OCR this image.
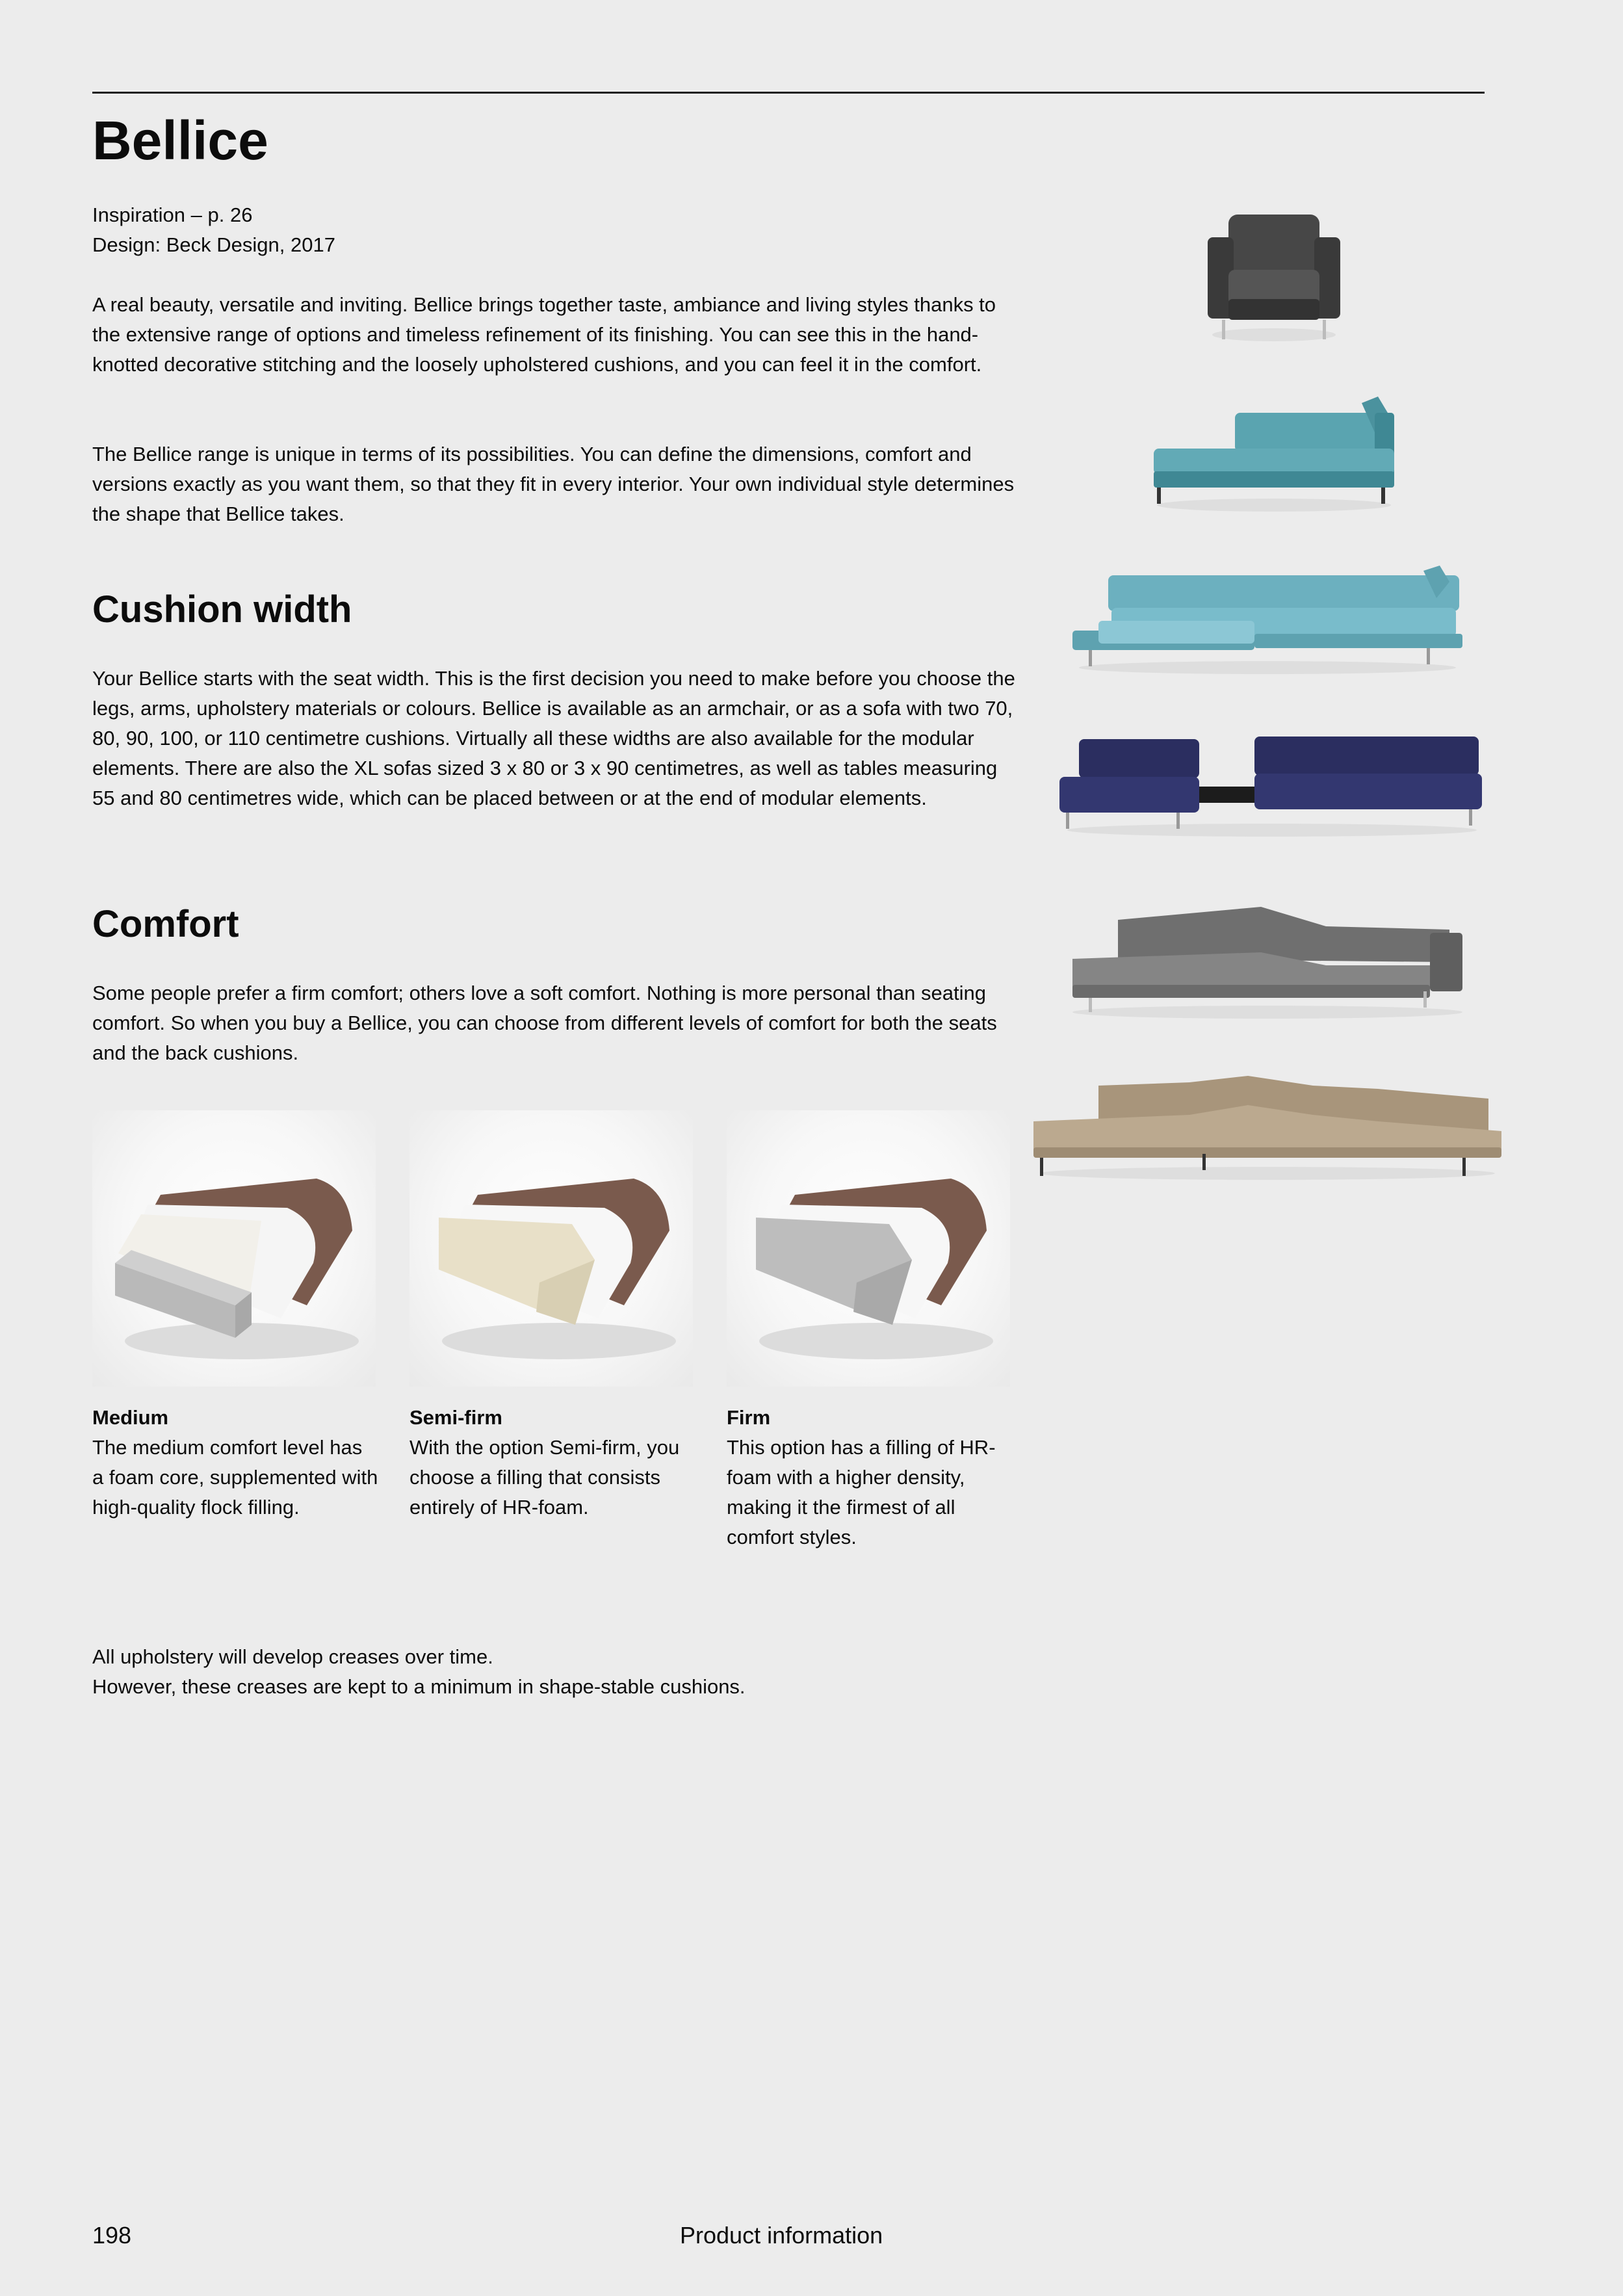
Bellice
Inspiration – p. 26
Design: Beck Design, 2017

A real beauty, versatile and inviting. Bellice brings together taste, ambiance and living styles thanks to the extensive range of options and timeless refinement of its finishing. You can see this in the hand-knotted decorative stitching and the loosely upholstered cushions, and you can feel it in the comfort.

The Bellice range is unique in terms of its possibilities. You can define the dimensions, comfort and versions exactly as you want them, so that they fit in every interior. Your own individual style determines the shape that Bellice takes.

Cushion width

Your Bellice starts with the seat width. This is the first decision you need to make before you choose the legs, arms, upholstery materials or colours. Bellice is available as an armchair, or as a sofa with two 70, 80, 90, 100, or 110 centimetre cushions. Virtually all these widths are also available for the modular elements. There are also the XL sofas sized 3 x 80 or 3 x 90 centimetres, as well as tables measuring 55 and 80 centimetres wide, which can be placed between or at the end of modular elements.

Comfort

Some people prefer a firm comfort; others love a soft comfort. Nothing is more personal than seating comfort. So when you buy a Bellice, you can choose from different levels of comfort for both the seats and the back cushions.

Medium
The medium comfort level has a foam core, supplemented with high-quality flock filling.
Semi-firm
With the option Semi-firm, you choose a filling that consists entirely of HR-foam.
Firm
This option has a filling of HR-foam with a higher density, making it the firmest of all comfort styles.
All upholstery will develop creases over time.
However, these creases are kept to a minimum in shape-stable cushions.
198	Product information
